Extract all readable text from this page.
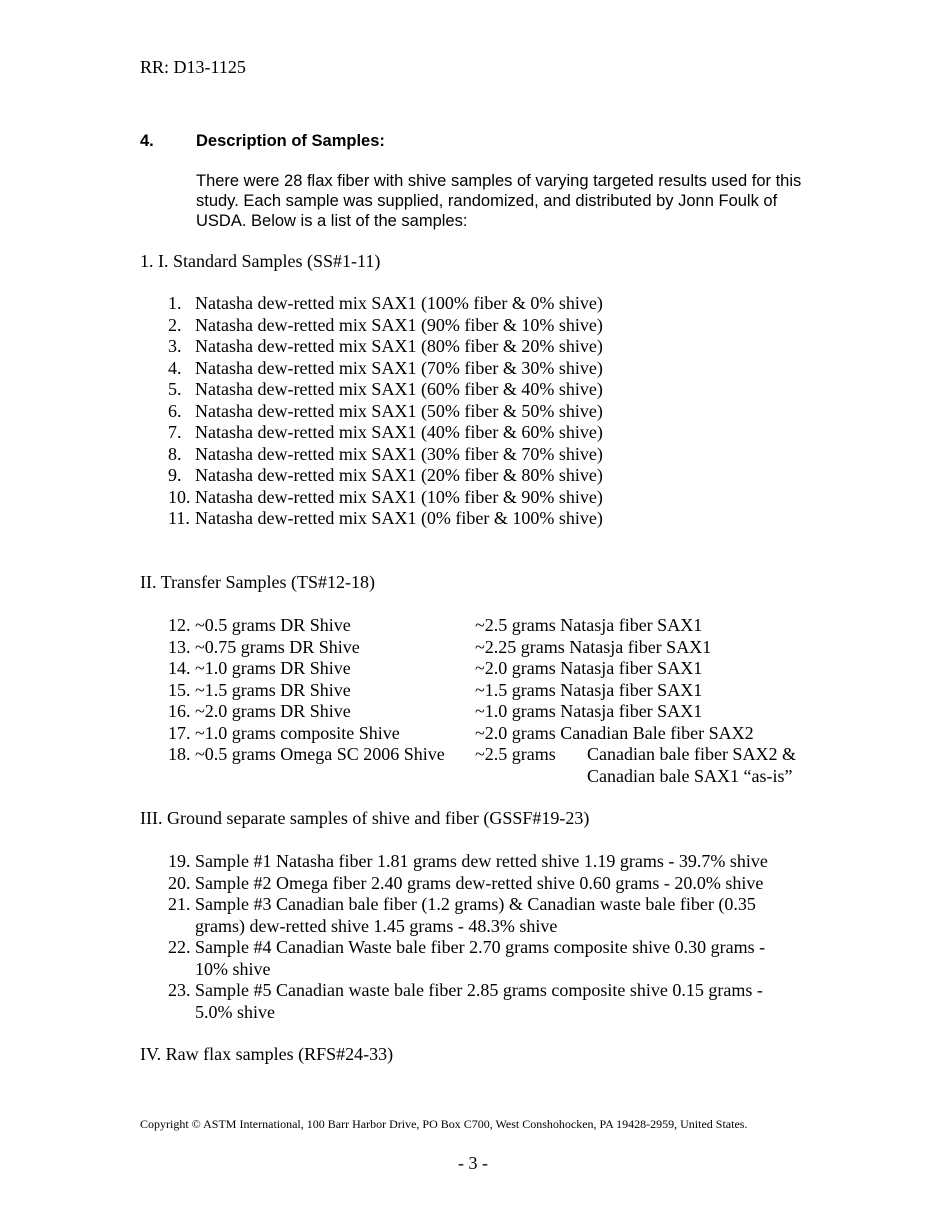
RR: D13-1125
4.	Description of Samples:
There were 28 flax fiber with shive samples of varying targeted results used for this study. Each sample was supplied, randomized, and distributed by Jonn Foulk of USDA. Below is a list of the samples:
1. I. Standard Samples (SS#1-11)
1. Natasha dew-retted mix SAX1 (100% fiber & 0% shive)
2. Natasha dew-retted mix SAX1 (90% fiber & 10% shive)
3. Natasha dew-retted mix SAX1 (80% fiber & 20% shive)
4. Natasha dew-retted mix SAX1 (70% fiber & 30% shive)
5. Natasha dew-retted mix SAX1 (60% fiber & 40% shive)
6. Natasha dew-retted mix SAX1 (50% fiber & 50% shive)
7. Natasha dew-retted mix SAX1 (40% fiber & 60% shive)
8. Natasha dew-retted mix SAX1 (30% fiber & 70% shive)
9. Natasha dew-retted mix SAX1 (20% fiber & 80% shive)
10. Natasha dew-retted mix SAX1 (10% fiber & 90% shive)
11. Natasha dew-retted mix SAX1 (0% fiber & 100% shive)
II. Transfer Samples (TS#12-18)
12. ~0.5 grams DR Shive	~2.5 grams Natasja fiber SAX1
13. ~0.75 grams DR Shive	~2.25 grams Natasja fiber SAX1
14. ~1.0 grams DR Shive	~2.0 grams Natasja fiber SAX1
15. ~1.5 grams DR Shive	~1.5 grams Natasja fiber SAX1
16. ~2.0 grams DR Shive	~1.0 grams Natasja fiber SAX1
17. ~1.0 grams composite Shive	~2.0 grams Canadian Bale fiber SAX2
18. ~0.5 grams Omega SC 2006 Shive ~2.5 grams Canadian bale fiber SAX2 &
Canadian bale SAX1 “as-is”
III. Ground separate samples of shive and fiber (GSSF#19-23)
19. Sample #1 Natasha fiber 1.81 grams dew retted shive 1.19 grams - 39.7% shive
20. Sample #2 Omega fiber 2.40 grams dew-retted shive 0.60 grams - 20.0% shive
21. Sample #3 Canadian bale fiber (1.2 grams) & Canadian waste bale fiber (0.35
grams) dew-retted shive 1.45 grams - 48.3% shive
22. Sample #4 Canadian Waste bale fiber 2.70 grams composite shive 0.30 grams -
10% shive
23. Sample #5 Canadian waste bale fiber 2.85 grams composite shive 0.15 grams -
5.0% shive
IV. Raw flax samples (RFS#24-33)
Copyright © ASTM International, 100 Barr Harbor Drive, PO Box C700, West Conshohocken, PA 19428-2959, United States.
- 3 -
